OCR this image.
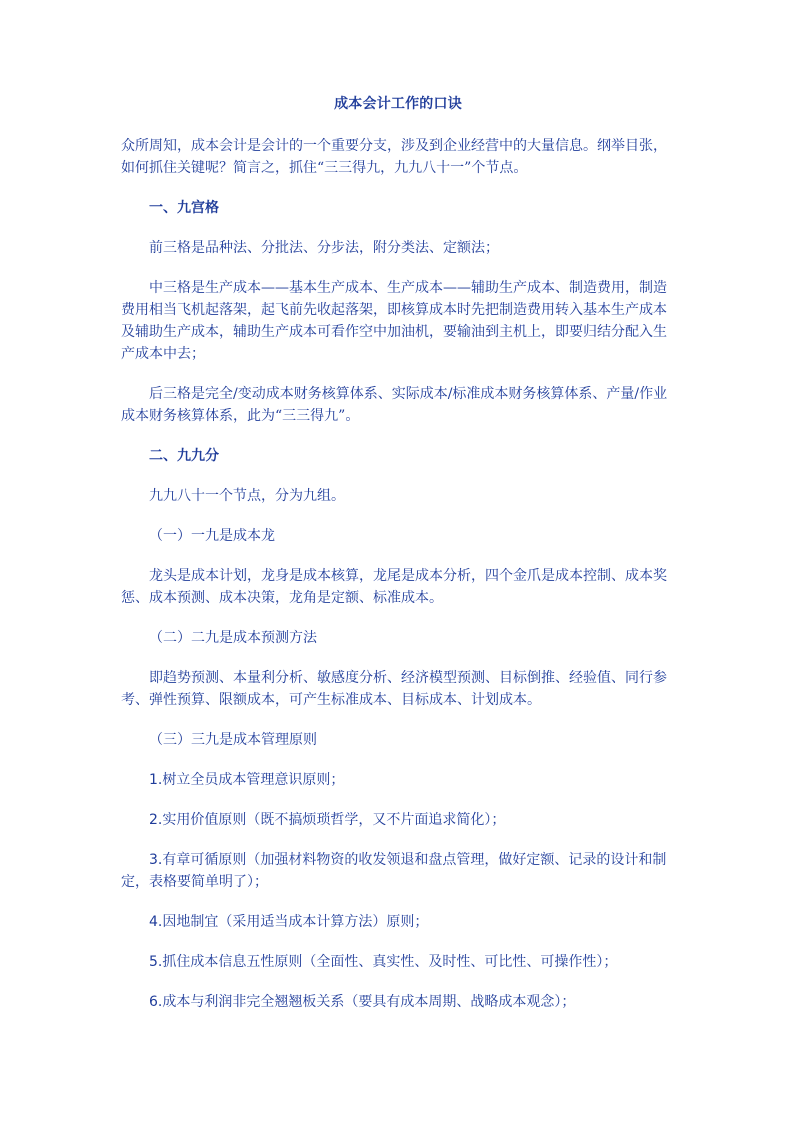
成本会计工作的口诀

众所周知，成本会计是会计的一个重要分支，涉及到企业经营中的大量信息。纲举目张，如何抓住关键呢？简言之，抓住“三三得九，九九八十一”个节点。

一、九宫格

前三格是品种法、分批法、分步法，附分类法、定额法；

中三格是生产成本——基本生产成本、生产成本——辅助生产成本、制造费用，制造费用相当飞机起落架，起飞前先收起落架，即核算成本时先把制造费用转入基本生产成本及辅助生产成本，辅助生产成本可看作空中加油机，要输油到主机上，即要归结分配入生产成本中去；

后三格是完全/变动成本财务核算体系、实际成本/标准成本财务核算体系、产量/作业成本财务核算体系，此为“三三得九”。

二、九九分

九九八十一个节点，分为九组。

（一）一九是成本龙

龙头是成本计划，龙身是成本核算，龙尾是成本分析，四个金爪是成本控制、成本奖惩、成本预测、成本决策，龙角是定额、标准成本。

（二）二九是成本预测方法

即趋势预测、本量利分析、敏感度分析、经济模型预测、目标倒推、经验值、同行参考、弹性预算、限额成本，可产生标准成本、目标成本、计划成本。

（三）三九是成本管理原则

1.树立全员成本管理意识原则；

2.实用价值原则（既不搞烦琐哲学，又不片面追求简化）；

3.有章可循原则（加强材料物资的收发领退和盘点管理，做好定额、记录的设计和制定，表格要简单明了）；

4.因地制宜（采用适当成本计算方法）原则；

5.抓住成本信息五性原则（全面性、真实性、及时性、可比性、可操作性）；

6.成本与利润非完全翘翘板关系（要具有成本周期、战略成本观念）；
